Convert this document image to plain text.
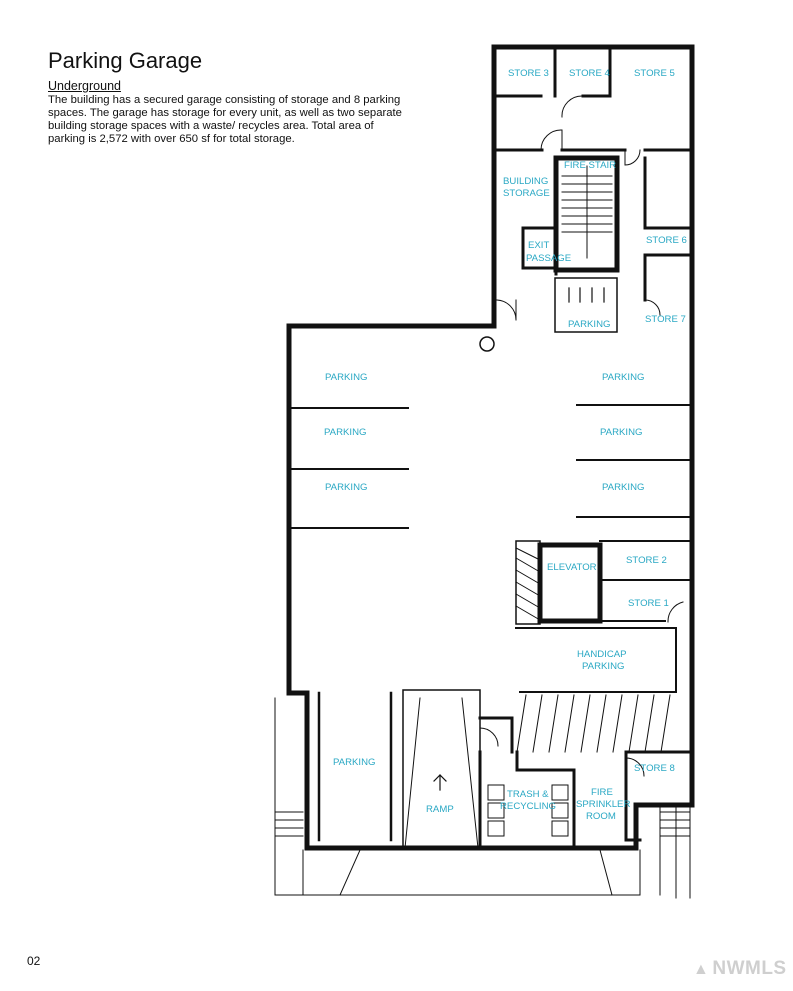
Parking Garage
Underground
The building has a secured garage consisting of storage and 8 parking spaces. The garage has storage for every unit, as well as two separate building storage spaces with a waste/ recycles area. Total area of parking is 2,572 with over 650 sf for total storage.
STORE 3 STORE 4	STORE 5
BUILDING
STORAGE
FIRE STAIR
EXIT
PASSAGE
STORE 6
STORE 7
PARKING
PARKING
PARKING
PARKING
PARKING
PARKING
PARKING
ELEVATOR
STORE 2
STORE 1
HANDICAP
PARKING
PARKING
RAMP
TRASH &
RECYCLING
FIRE
SPRINKLER
ROOM
STORE 8
02	▲ NWMLS
